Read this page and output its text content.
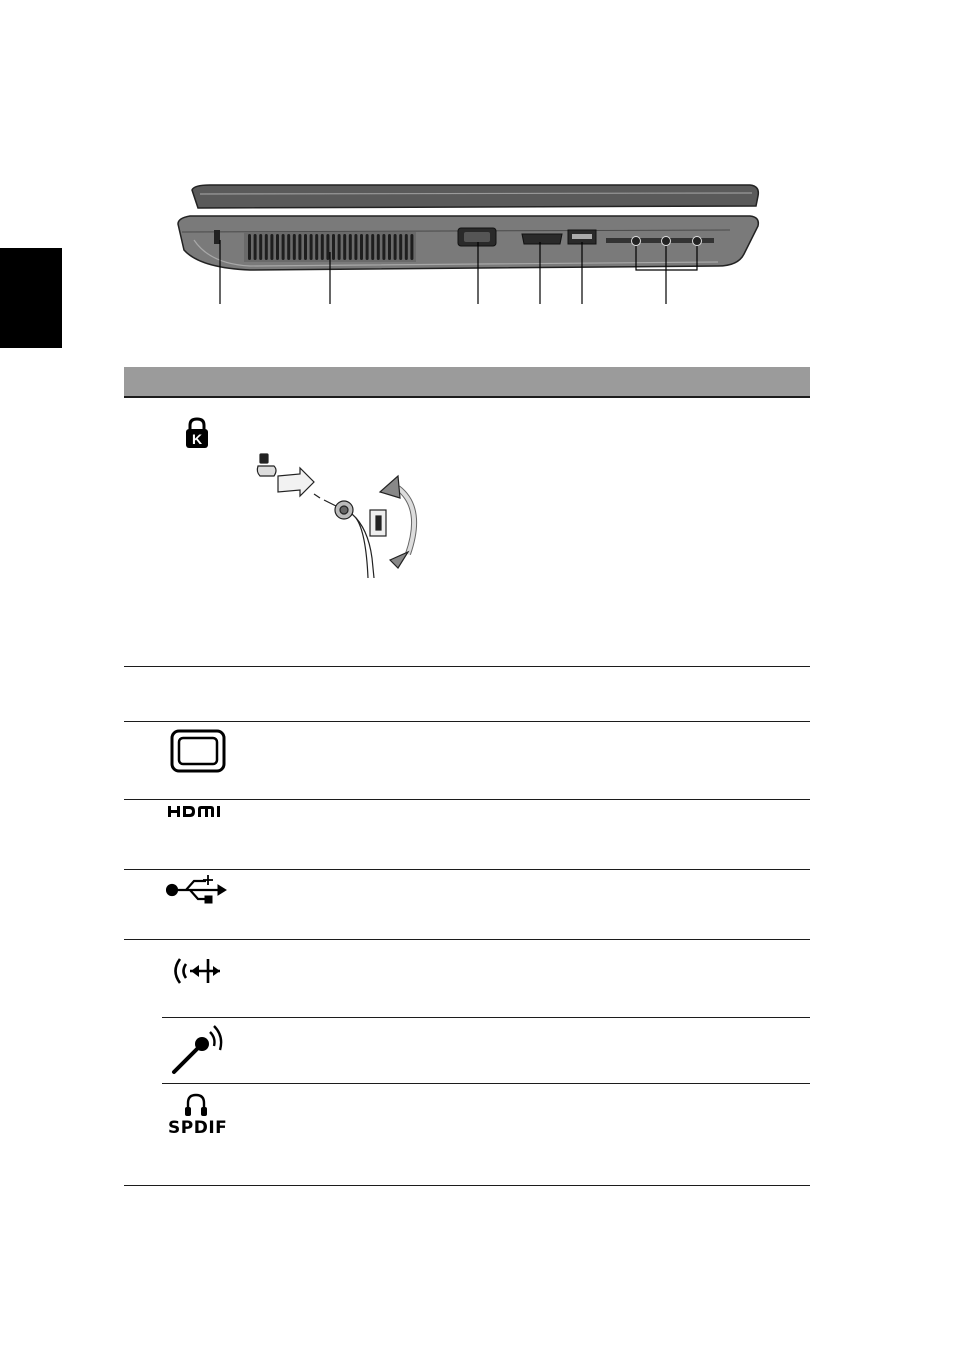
K
SPDIF
